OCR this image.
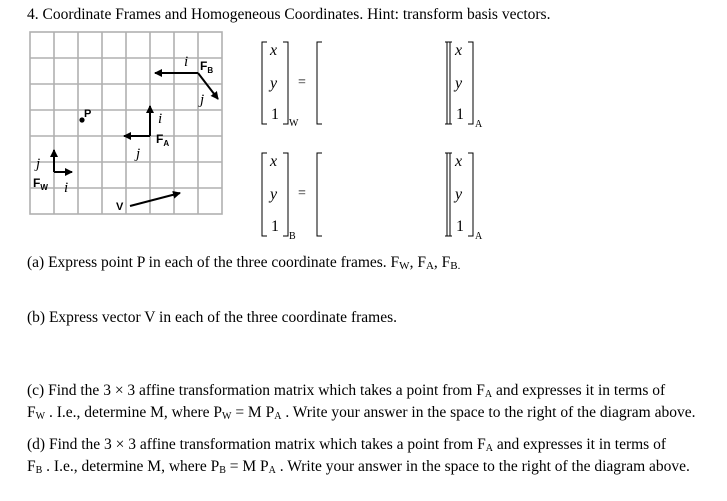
4. Coordinate Frames and Homogeneous Coordinates. Hint: transform basis vectors.
j
i
$F_W$
P	i
j
$F_A$
i
j
$F_B$
V
x
y
1
W
=
x
y
1
A
x
y
1
B
=
x
y
1
A
(a) Express point P in each of the three coordinate frames. $F_W$, $F_A$, $F_{B.}$
(b) Express vector V in each of the three coordinate frames.
(c) Find the 3 × 3 affine transformation matrix which takes a point from $F_A$ and expresses it in terms of
$F_W$ . I.e., determine M, where $P_W = M$ $P_A$ . Write your answer in the space to the right of the diagram above.
(d) Find the 3 × 3 affine transformation matrix which takes a point from $F_A$ and expresses it in terms of
$F_B$ . I.e., determine M, where $P_B = M$ $P_A$ . Write your answer in the space to the right of the diagram above.
